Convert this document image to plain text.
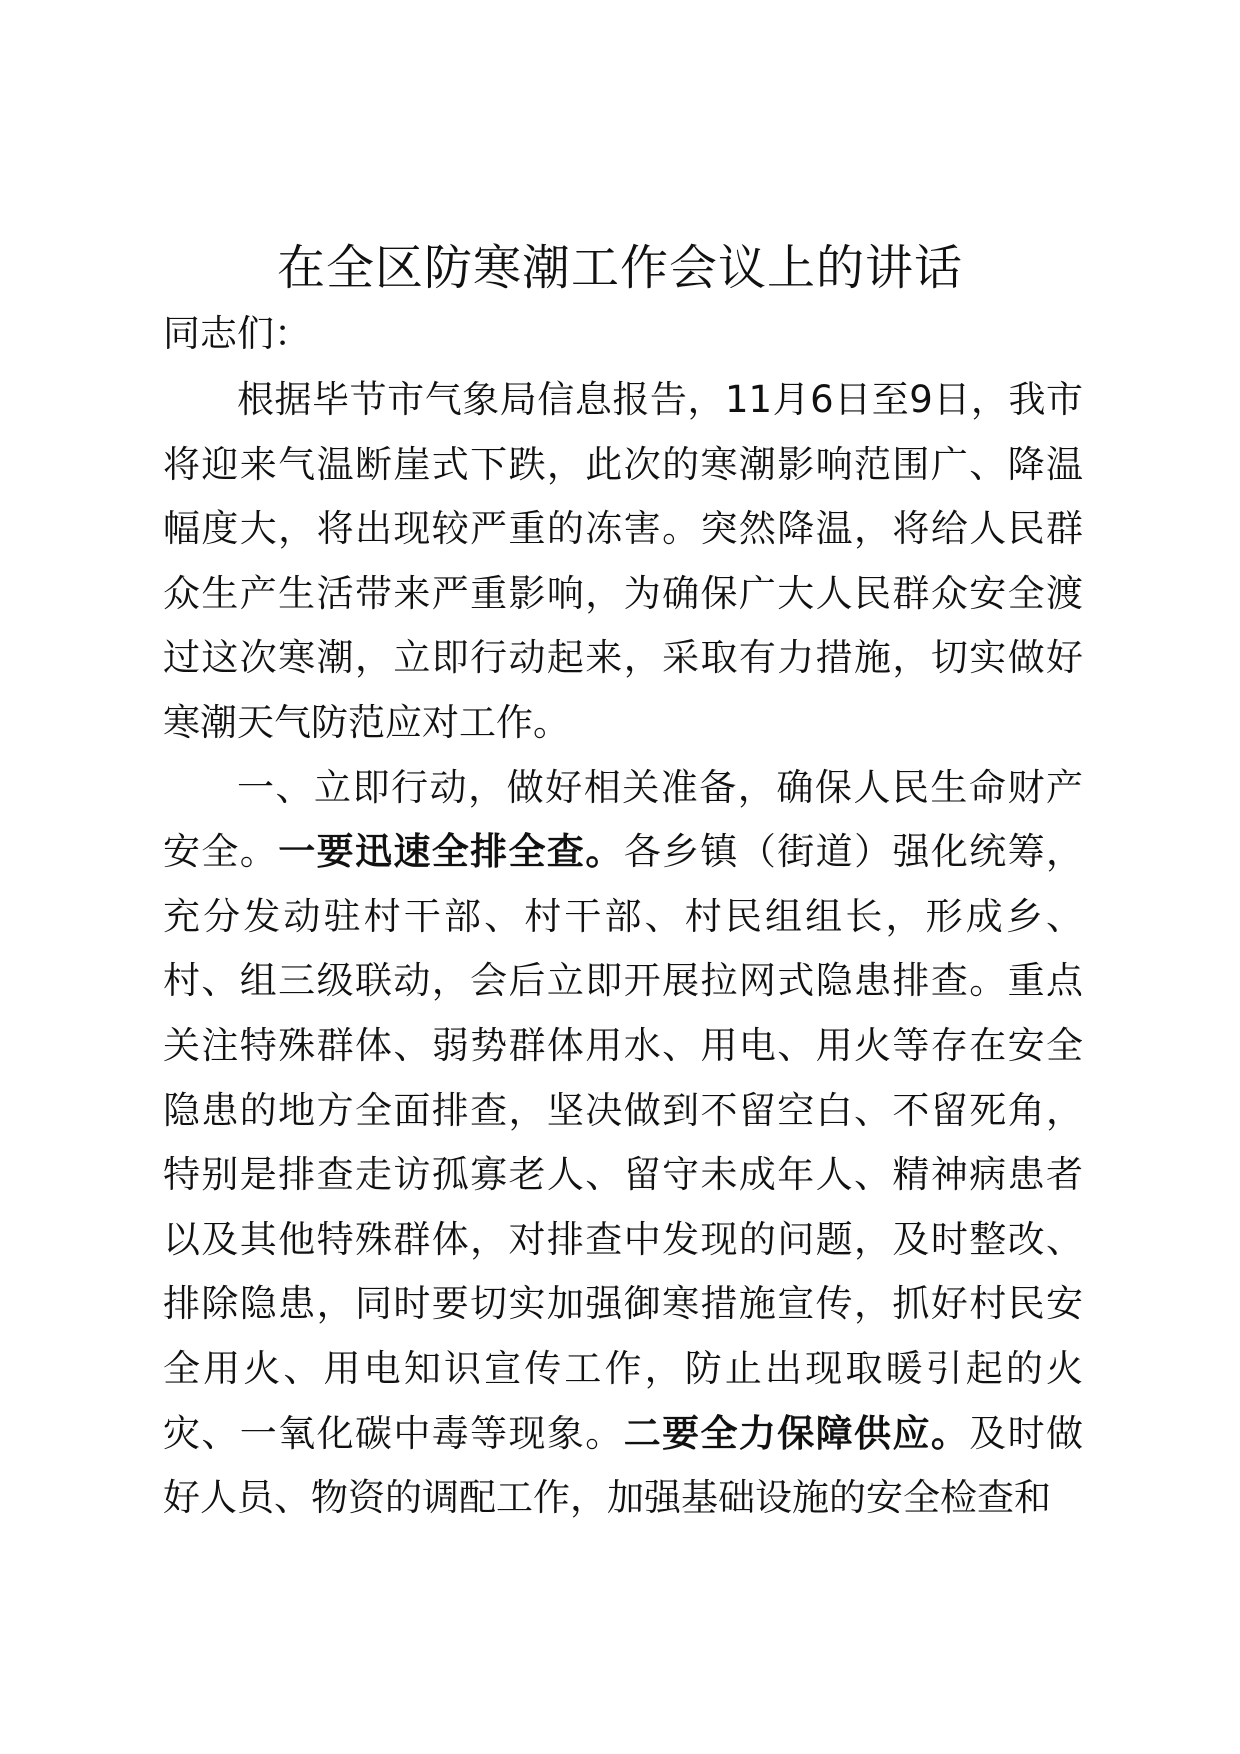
在全区防寒潮工作会议上的讲话

同志们：

根据毕节市气象局信息报告，11月6日至9日，我市将迎来气温断崖式下跌，此次的寒潮影响范围广、降温幅度大，将出现较严重的冻害。突然降温，将给人民群众生产生活带来严重影响，为确保广大人民群众安全渡过这次寒潮，立即行动起来，采取有力措施，切实做好寒潮天气防范应对工作。

一、立即行动，做好相关准备，确保人民生命财产安全。一要迅速全排全查。各乡镇（街道）强化统筹，充分发动驻村干部、村干部、村民组组长，形成乡、村、组三级联动，会后立即开展拉网式隐患排查。重点关注特殊群体、弱势群体用水、用电、用火等存在安全隐患的地方全面排查，坚决做到不留空白、不留死角，特别是排查走访孤寡老人、留守未成年人、精神病患者以及其他特殊群体，对排查中发现的问题，及时整改、排除隐患，同时要切实加强御寒措施宣传，抓好村民安全用火、用电知识宣传工作，防止出现取暖引起的火灾、一氧化碳中毒等现象。二要全力保障供应。及时做好人员、物资的调配工作，加强基础设施的安全检查和
